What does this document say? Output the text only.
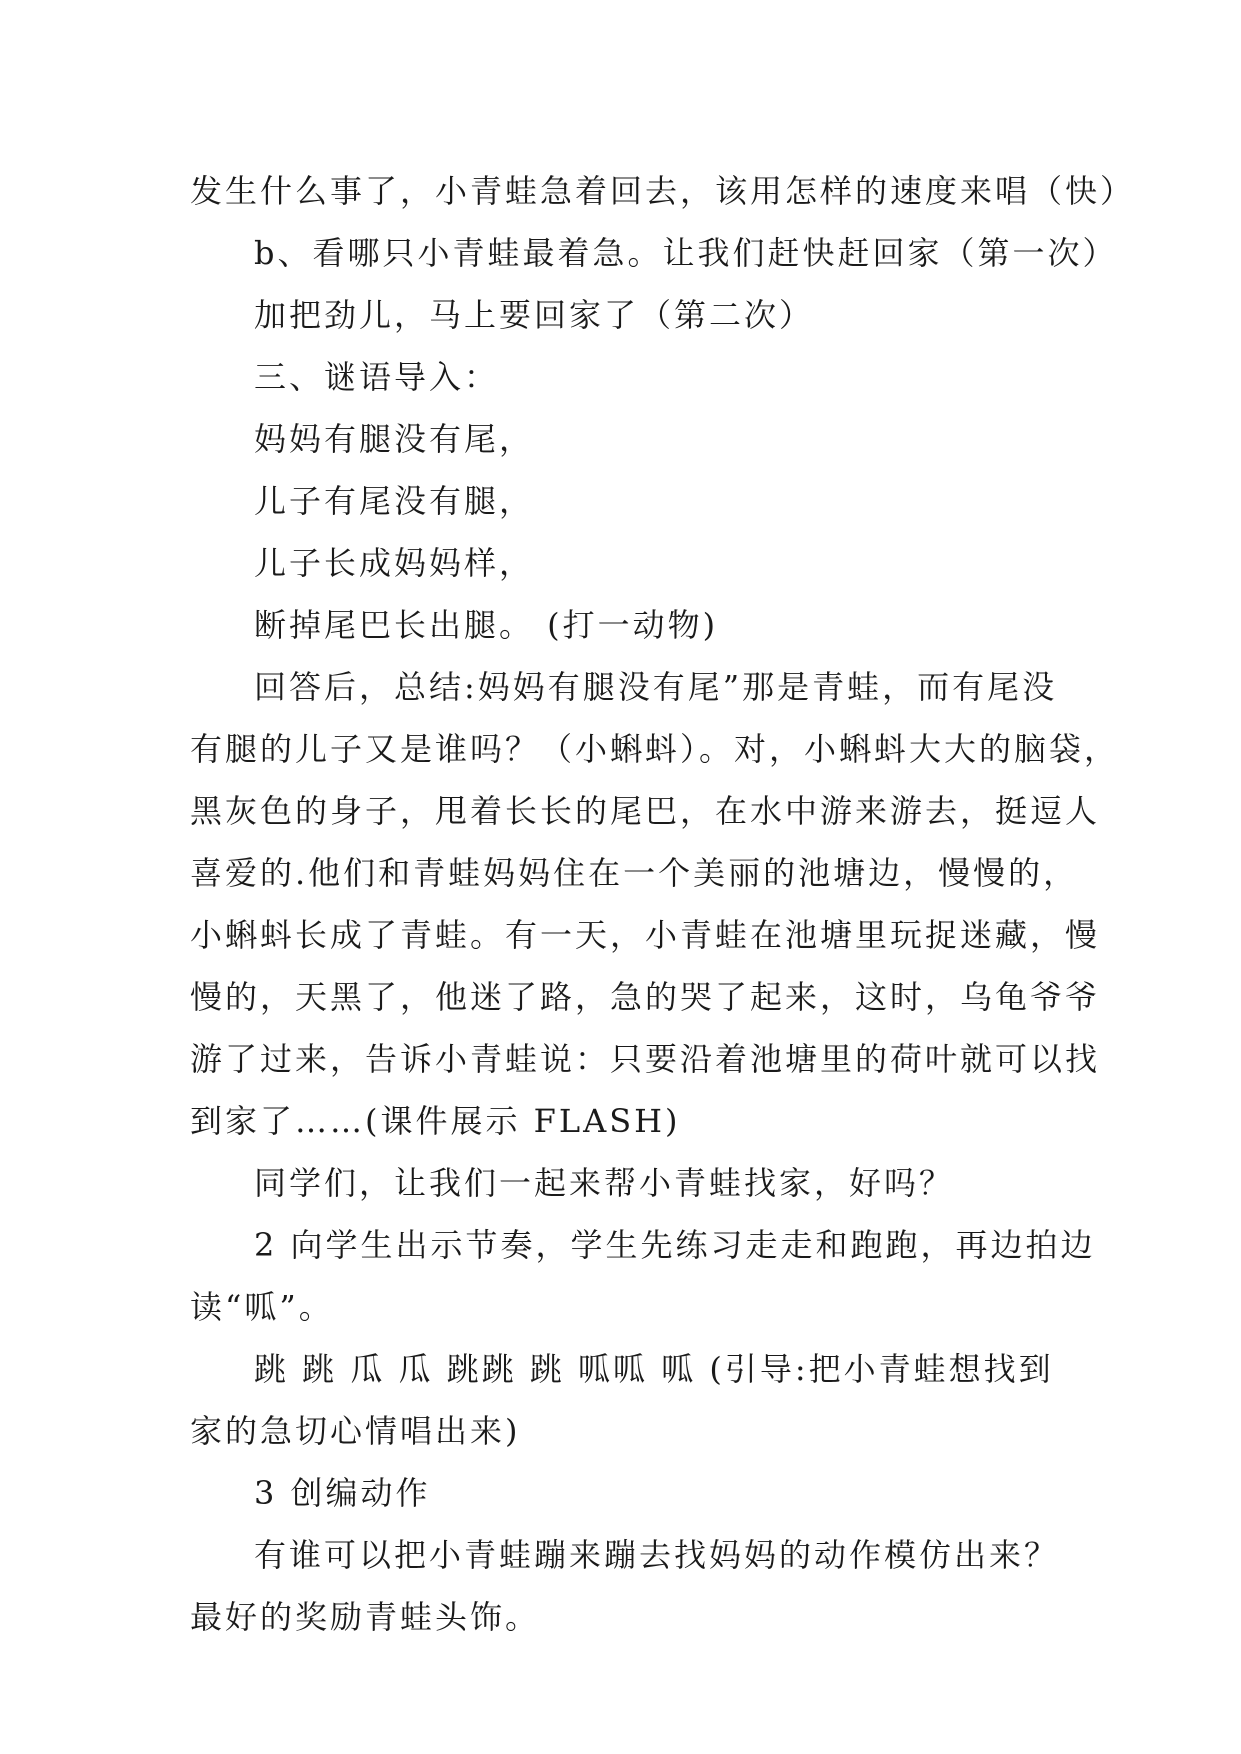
发生什么事了，小青蛙急着回去，该用怎样的速度来唱（快）
b、看哪只小青蛙最着急。让我们赶快赶回家（第一次）
加把劲儿，马上要回家了（第二次）
三、谜语导入：
妈妈有腿没有尾，
儿子有尾没有腿，
儿子长成妈妈样，
断掉尾巴长出腿。 (打一动物)
回答后，总结:妈妈有腿没有尾”那是青蛙，而有尾没
有腿的儿子又是谁吗？（小蝌蚪）。对，小蝌蚪大大的脑袋，
黑灰色的身子，甩着长长的尾巴，在水中游来游去，挺逗人
喜爱的.他们和青蛙妈妈住在一个美丽的池塘边，慢慢的，
小蝌蚪长成了青蛙。有一天，小青蛙在池塘里玩捉迷藏，慢
慢的，天黑了，他迷了路，急的哭了起来，这时，乌龟爷爷
游了过来，告诉小青蛙说：只要沿着池塘里的荷叶就可以找
到家了……(课件展示 FLASH)
同学们，让我们一起来帮小青蛙找家，好吗？
2 向学生出示节奏，学生先练习走走和跑跑，再边拍边
读“呱”。
跳 跳 瓜 瓜 跳跳 跳 呱呱 呱 (引导:把小青蛙想找到
家的急切心情唱出来)
3 创编动作
有谁可以把小青蛙蹦来蹦去找妈妈的动作模仿出来？
最好的奖励青蛙头饰。
